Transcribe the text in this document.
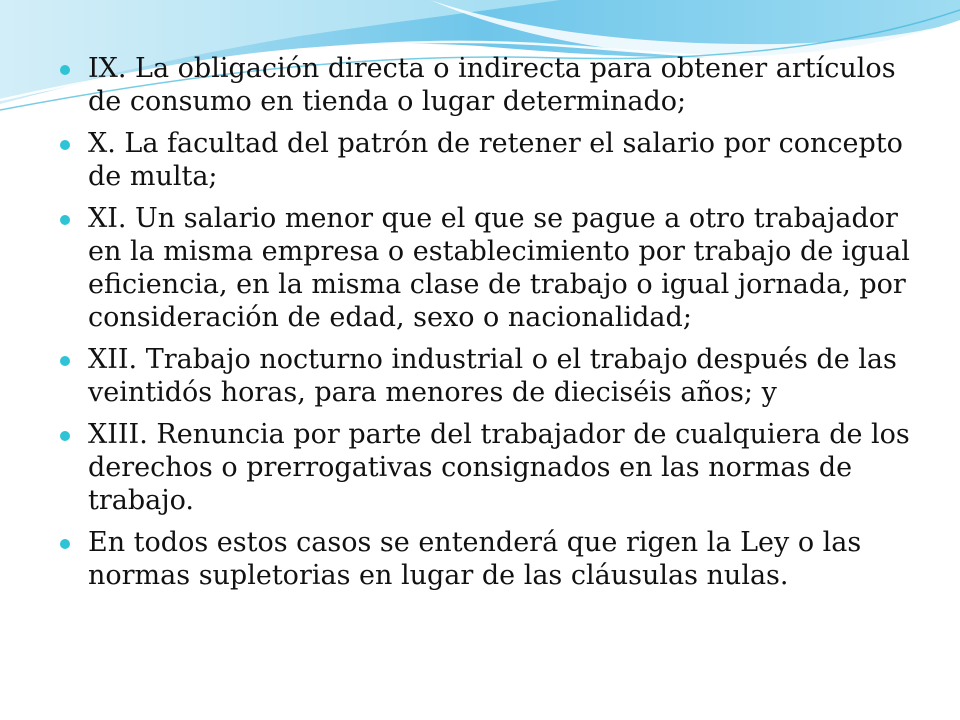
IX. La obligación directa o indirecta para obtener artículos de consumo en tienda o lugar determinado;
X. La facultad del patrón de retener el salario por concepto de multa;
XI. Un salario menor que el que se pague a otro trabajador en la misma empresa o establecimiento por trabajo de igual eficiencia, en la misma clase de trabajo o igual jornada, por consideración de edad, sexo o nacionalidad;
XII. Trabajo nocturno industrial o el trabajo después de las veintidós horas, para menores de dieciséis años; y
XIII. Renuncia por parte del trabajador de cualquiera de los derechos o prerrogativas consignados en las normas de trabajo.
En todos estos casos se entenderá que rigen la Ley o las normas supletorias en lugar de las cláusulas nulas.
